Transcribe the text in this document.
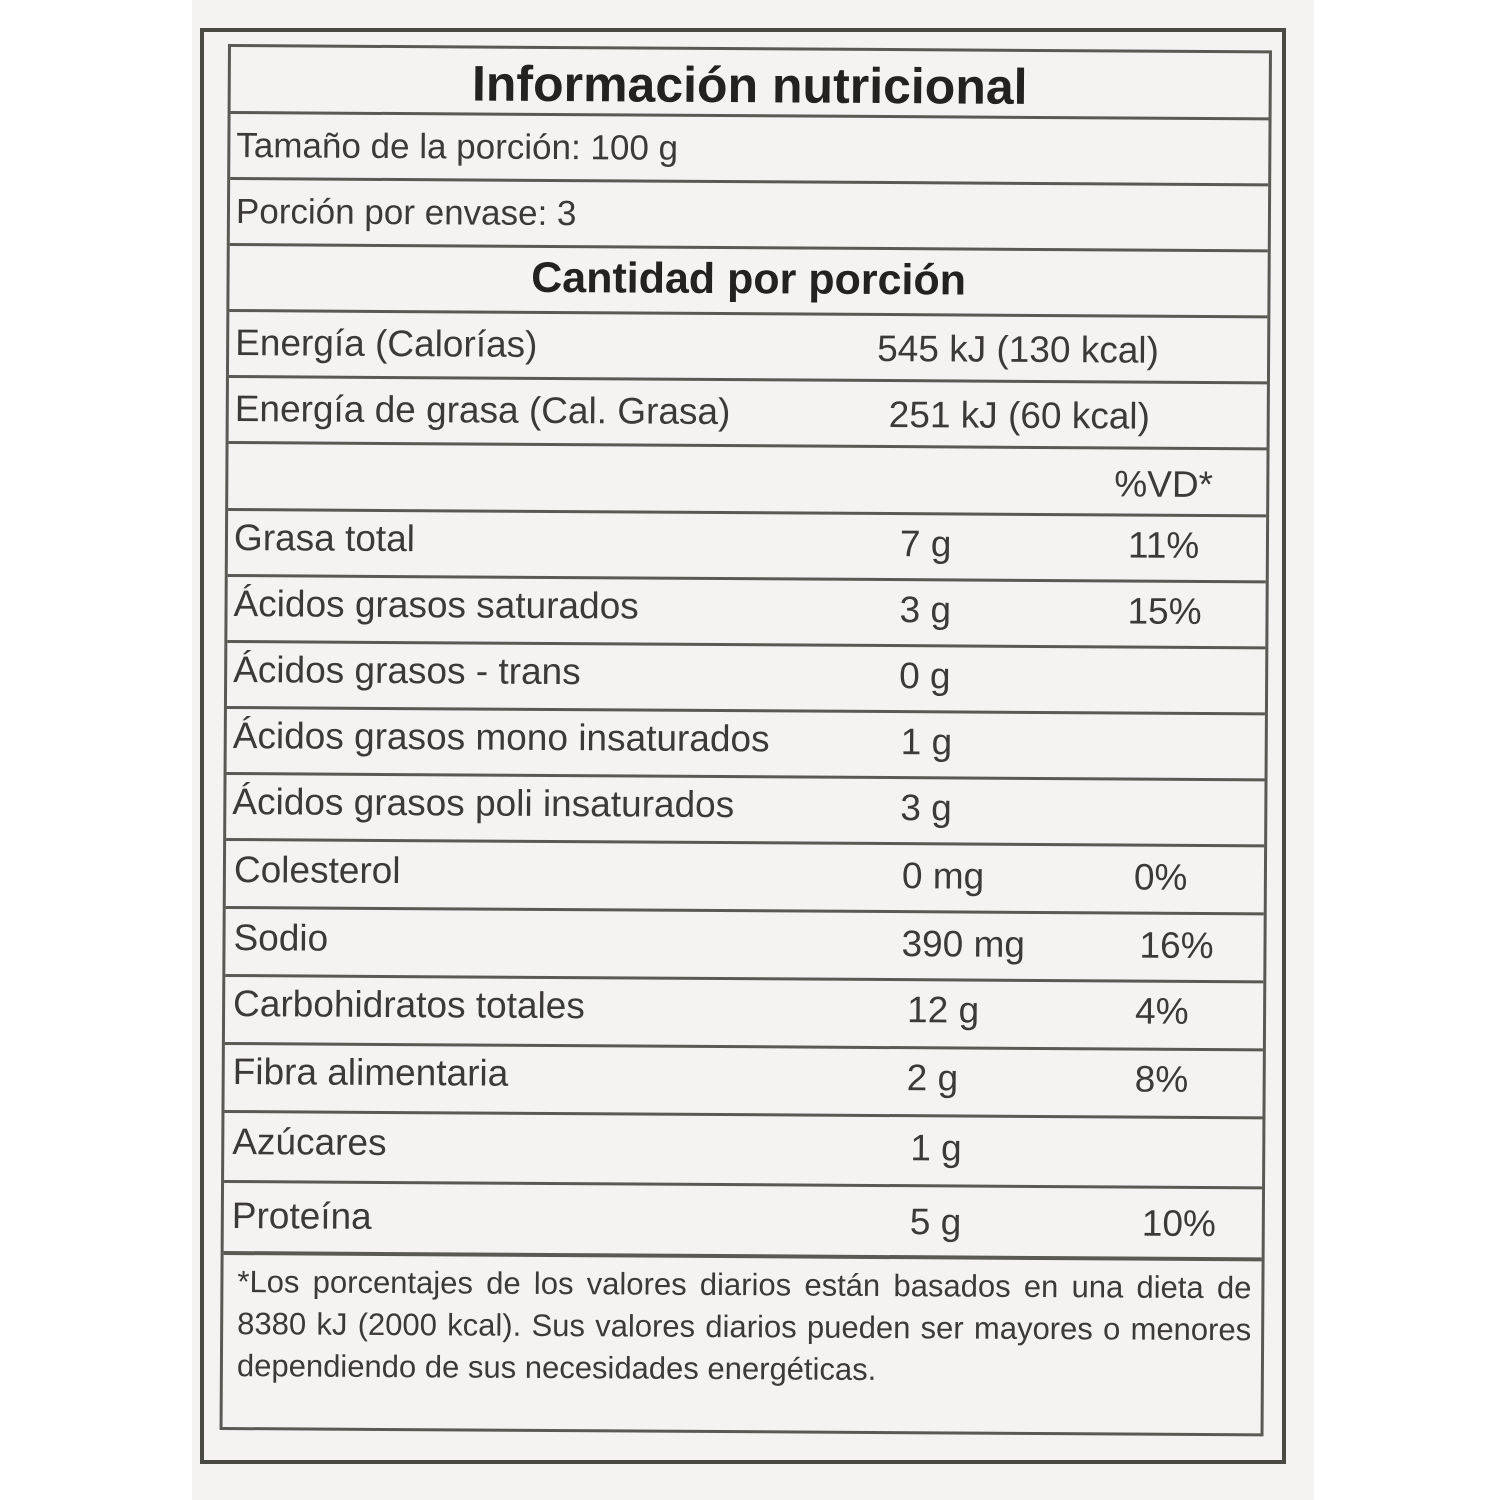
Información nutricional
Tamaño de la porción: 100 g
Porción por envase: 3
Cantidad por porción
Energía (Calorías)	545 kJ (130 kcal)
Energía de grasa (Cal. Grasa)	251 kJ (60 kcal)
%VD*
Grasa total	7 g	11%
Ácidos grasos saturados	3 g	15%
Ácidos grasos - trans	0 g
Ácidos grasos mono insaturados	1 g
Ácidos grasos poli insaturados	3 g
Colesterol	0 mg	0%
Sodio	390 mg	16%
Carbohidratos totales	12 g	4%
Fibra alimentaria	2 g	8%
Azúcares	1 g
Proteína	5 g	10%
*Los porcentajes de los valores diarios están basados en una dieta de 8380 kJ (2000 kcal). Sus valores diarios pueden ser mayores o menores dependiendo de sus necesidades energéticas.
